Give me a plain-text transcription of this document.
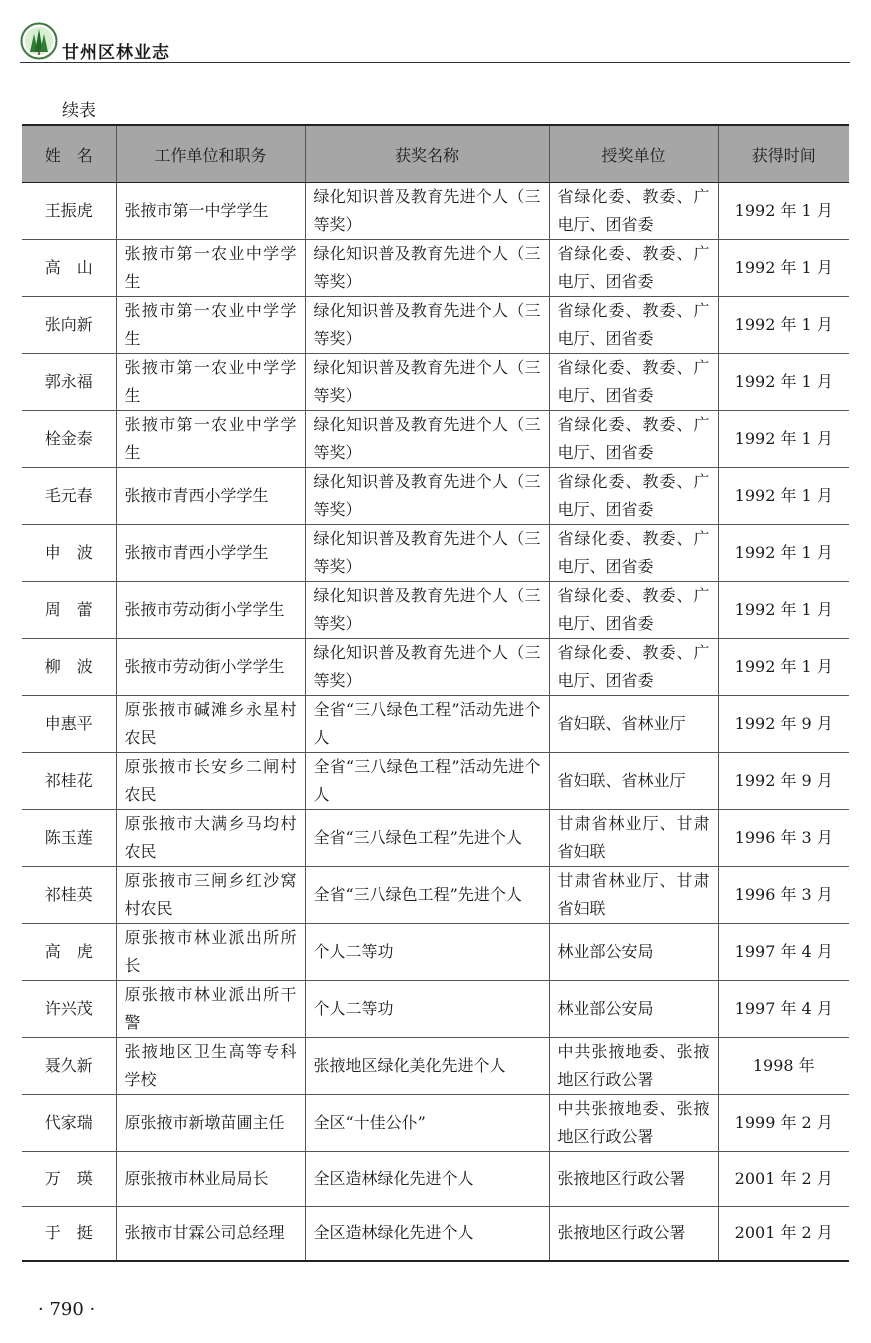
甘州区林业志
续表
姓　名	工作单位和职务	获奖名称	授奖单位	获得时间
王振虎	张掖市第一中学学生	绿化知识普及教育先进个人（三等奖）	省绿化委、教委、广电厅、团省委	1992 年 1 月
高　山	张掖市第一农业中学学生	绿化知识普及教育先进个人（三等奖）	省绿化委、教委、广电厅、团省委	1992 年 1 月
张向新	张掖市第一农业中学学生	绿化知识普及教育先进个人（三等奖）	省绿化委、教委、广电厅、团省委	1992 年 1 月
郭永福	张掖市第一农业中学学生	绿化知识普及教育先进个人（三等奖）	省绿化委、教委、广电厅、团省委	1992 年 1 月
栓金泰	张掖市第一农业中学学生	绿化知识普及教育先进个人（三等奖）	省绿化委、教委、广电厅、团省委	1992 年 1 月
毛元春	张掖市青西小学学生	绿化知识普及教育先进个人（三等奖）	省绿化委、教委、广电厅、团省委	1992 年 1 月
申　波	张掖市青西小学学生	绿化知识普及教育先进个人（三等奖）	省绿化委、教委、广电厅、团省委	1992 年 1 月
周　蕾	张掖市劳动街小学学生	绿化知识普及教育先进个人（三等奖）	省绿化委、教委、广电厅、团省委	1992 年 1 月
柳　波	张掖市劳动街小学学生	绿化知识普及教育先进个人（三等奖）	省绿化委、教委、广电厅、团省委	1992 年 1 月
申惠平	原张掖市碱滩乡永星村农民	全省“三八绿色工程”活动先进个人	省妇联、省林业厅	1992 年 9 月
祁桂花	原张掖市长安乡二闸村农民	全省“三八绿色工程”活动先进个人	省妇联、省林业厅	1992 年 9 月
陈玉莲	原张掖市大满乡马均村农民	全省“三八绿色工程”先进个人	甘肃省林业厅、甘肃省妇联	1996 年 3 月
祁桂英	原张掖市三闸乡红沙窝村农民	全省“三八绿色工程”先进个人	甘肃省林业厅、甘肃省妇联	1996 年 3 月
高　虎	原张掖市林业派出所所长	个人二等功	林业部公安局	1997 年 4 月
许兴茂	原张掖市林业派出所干警	个人二等功	林业部公安局	1997 年 4 月
聂久新	张掖地区卫生高等专科学校	张掖地区绿化美化先进个人	中共张掖地委、张掖地区行政公署	1998 年
代家瑞	原张掖市新墩苗圃主任	全区“十佳公仆”	中共张掖地委、张掖地区行政公署	1999 年 2 月
万　瑛	原张掖市林业局局长	全区造林绿化先进个人	张掖地区行政公署	2001 年 2 月
于　挺	张掖市甘霖公司总经理	全区造林绿化先进个人	张掖地区行政公署	2001 年 2 月
· 790 ·
